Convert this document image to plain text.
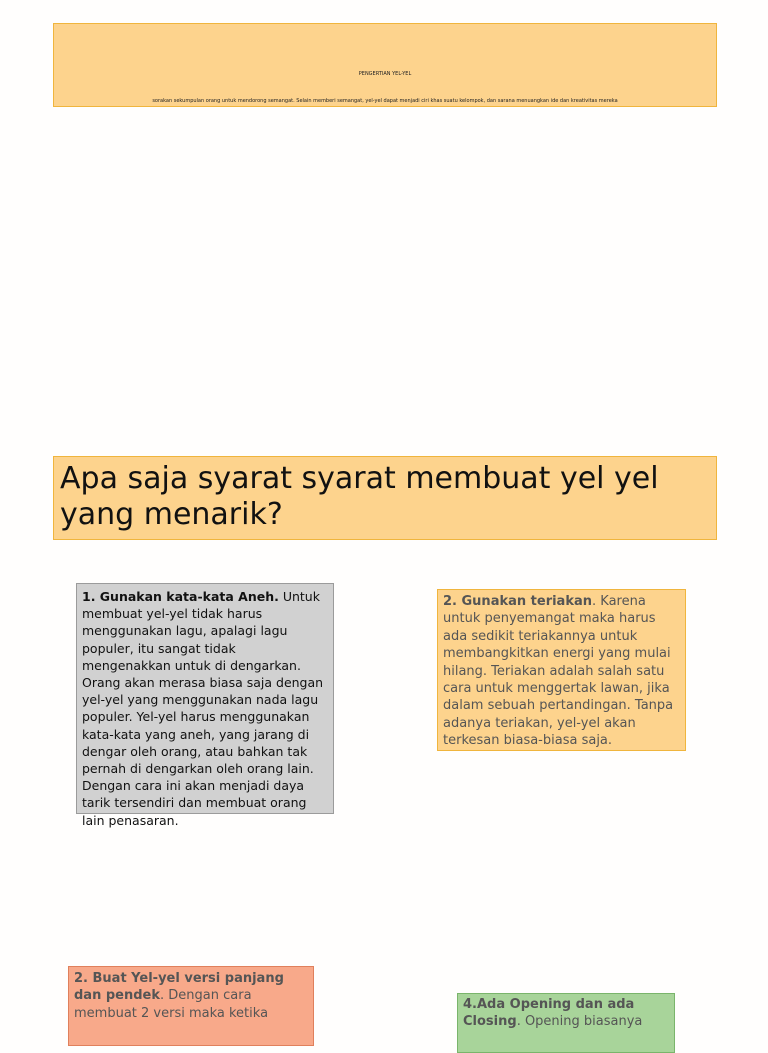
PENGERTIAN YEL-YEL
sorakan sekumpulan orang untuk mendorong semangat. Selain memberi semangat, yel-yel dapat menjadi ciri khas suatu kelompok, dan sarana menuangkan ide dan kreativitas mereka
Apa saja syarat syarat membuat yel yel yang menarik?
1. Gunakan kata-kata Aneh. Untuk membuat yel-yel tidak harus menggunakan lagu, apalagi lagu populer, itu sangat tidak mengenakkan untuk di dengarkan. Orang akan merasa biasa saja dengan yel-yel yang menggunakan nada lagu populer. Yel-yel harus menggunakan kata-kata yang aneh, yang jarang di dengar oleh orang, atau bahkan tak pernah di dengarkan oleh orang lain. Dengan cara ini akan menjadi daya tarik tersendiri dan membuat orang lain penasaran.
2. Gunakan teriakan. Karena untuk penyemangat maka harus ada sedikit teriakannya untuk membangkitkan energi yang mulai hilang. Teriakan adalah salah satu cara untuk menggertak lawan, jika dalam sebuah pertandingan. Tanpa adanya teriakan, yel-yel akan terkesan biasa-biasa saja.
2. Buat Yel-yel versi panjang dan pendek. Dengan cara membuat 2 versi maka ketika
4.Ada Opening dan ada Closing. Opening biasanya
